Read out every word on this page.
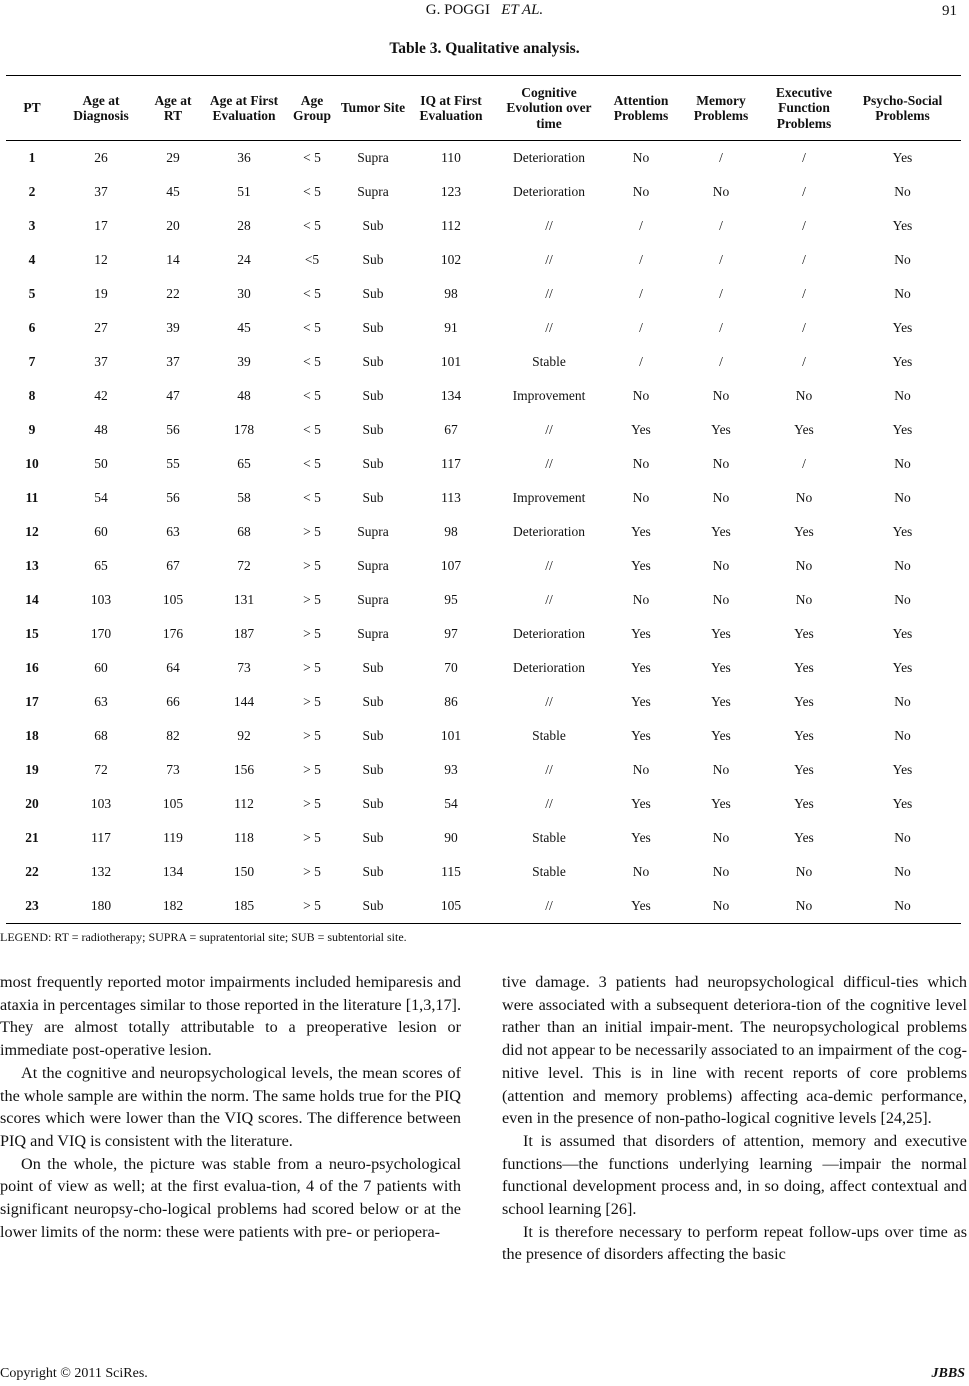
G. POGGI ET AL.	91
Table 3. Qualitative analysis.
PT	Age at Diagnosis	Age at RT	Age at First Evaluation	Age Group	Tumor Site	IQ at First Evaluation	Cognitive Evolution over time	Attention Problems	Memory Problems	Executive Function Problems	Psycho-Social Problems
1	26	29	36	< 5	Supra	110	Deterioration	No	/	/	Yes
2	37	45	51	< 5	Supra	123	Deterioration	No	No	/	No
3	17	20	28	< 5	Sub	112	//	/	/	/	Yes
4	12	14	24	<5	Sub	102	//	/	/	/	No
5	19	22	30	< 5	Sub	98	//	/	/	/	No
6	27	39	45	< 5	Sub	91	//	/	/	/	Yes
7	37	37	39	< 5	Sub	101	Stable	/	/	/	Yes
8	42	47	48	< 5	Sub	134	Improvement	No	No	No	No
9	48	56	178	< 5	Sub	67	//	Yes	Yes	Yes	Yes
10	50	55	65	< 5	Sub	117	//	No	No	/	No
11	54	56	58	< 5	Sub	113	Improvement	No	No	No	No
12	60	63	68	> 5	Supra	98	Deterioration	Yes	Yes	Yes	Yes
13	65	67	72	> 5	Supra	107	//	Yes	No	No	No
14	103	105	131	> 5	Supra	95	//	No	No	No	No
15	170	176	187	> 5	Supra	97	Deterioration	Yes	Yes	Yes	Yes
16	60	64	73	> 5	Sub	70	Deterioration	Yes	Yes	Yes	Yes
17	63	66	144	> 5	Sub	86	//	Yes	Yes	Yes	No
18	68	82	92	> 5	Sub	101	Stable	Yes	Yes	Yes	No
19	72	73	156	> 5	Sub	93	//	No	No	Yes	Yes
20	103	105	112	> 5	Sub	54	//	Yes	Yes	Yes	Yes
21	117	119	118	> 5	Sub	90	Stable	Yes	No	Yes	No
22	132	134	150	> 5	Sub	115	Stable	No	No	No	No
23	180	182	185	> 5	Sub	105	//	Yes	No	No	No
LEGEND: RT = radiotherapy; SUPRA = supratentorial site; SUB = subtentorial site.

most frequently reported motor impairments included hemiparesis and ataxia in percentages similar to those reported in the literature [1,3,17]. They are almost totally attributable to a preoperative lesion or immediate post-operative lesion.

At the cognitive and neuropsychological levels, the mean scores of the whole sample are within the norm. The same holds true for the PIQ scores which were lower than the VIQ scores. The difference between PIQ and VIQ is consistent with the literature.

On the whole, the picture was stable from a neuro-psychological point of view as well; at the first evalua-tion, 4 of the 7 patients with significant neuropsy-cho-logical problems had scored below or at the lower limits of the norm: these were patients with pre- or periopera-

tive damage. 3 patients had neuropsychological difficul-ties which were associated with a subsequent deteriora-tion of the cognitive level rather than an initial impair-ment. The neuropsychological problems did not appear to be necessarily associated to an impairment of the cog-nitive level. This is in line with recent reports of core problems (attention and memory problems) affecting aca-demic performance, even in the presence of non-patho-logical cognitive levels [24,25].

It is assumed that disorders of attention, memory and executive functions—the functions underlying learning —impair the normal functional development process and, in so doing, affect contextual and school learning [26].

It is therefore necessary to perform repeat follow-ups over time as the presence of disorders affecting the basic

Copyright © 2011 SciRes.	JBBS
